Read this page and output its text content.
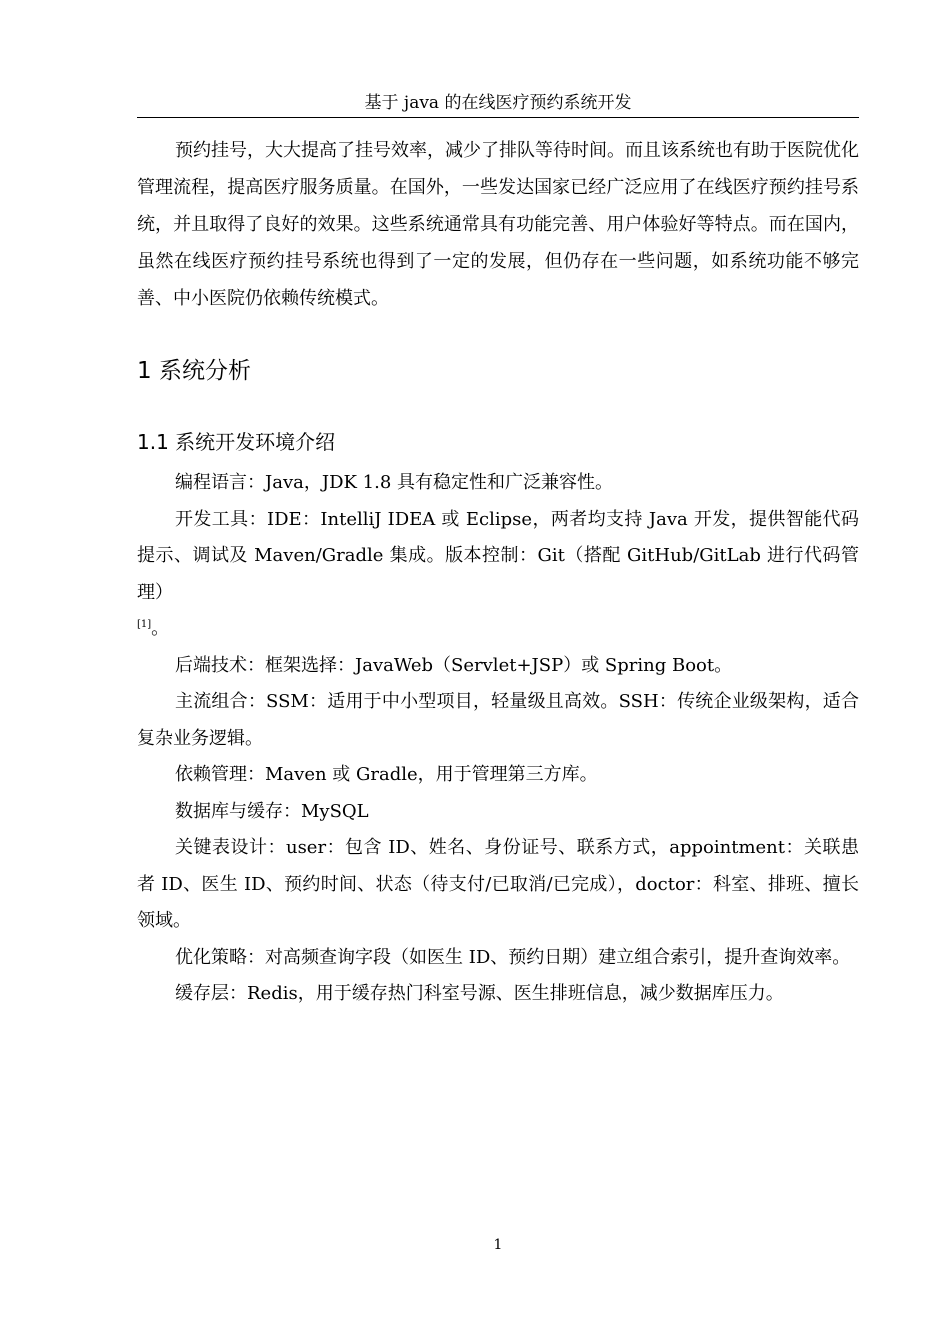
基于 java 的在线医疗预约系统开发

预约挂号，大大提高了挂号效率，减少了排队等待时间。而且该系统也有助于医院优化管理流程，提高医疗服务质量。在国外，一些发达国家已经广泛应用了在线医疗预约挂号系统，并且取得了良好的效果。这些系统通常具有功能完善、用户体验好等特点。而在国内，虽然在线医疗预约挂号系统也得到了一定的发展，但仍存在一些问题，如系统功能不够完善、中小医院仍依赖传统模式。

1 系统分析
1.1 系统开发环境介绍

编程语言：Java，JDK 1.8 具有稳定性和广泛兼容性。

开发工具：IDE：IntelliJ IDEA 或 Eclipse，两者均支持 Java 开发，提供智能代码提示、调试及 Maven/Gradle 集成。版本控制：Git（搭配 GitHub/GitLab 进行代码管理）
[1]。

后端技术：框架选择：JavaWeb（Servlet+JSP）或 Spring Boot。

主流组合：SSM：适用于中小型项目，轻量级且高效。SSH：传统企业级架构，适合复杂业务逻辑。

依赖管理：Maven 或 Gradle，用于管理第三方库。

数据库与缓存：MySQL

关键表设计：user：包含 ID、姓名、身份证号、联系方式，appointment：关联患者 ID、医生 ID、预约时间、状态（待支付/已取消/已完成），doctor：科室、排班、擅长领域。

优化策略：对高频查询字段（如医生 ID、预约日期）建立组合索引，提升查询效率。

缓存层：Redis，用于缓存热门科室号源、医生排班信息，减少数据库压力。

1
